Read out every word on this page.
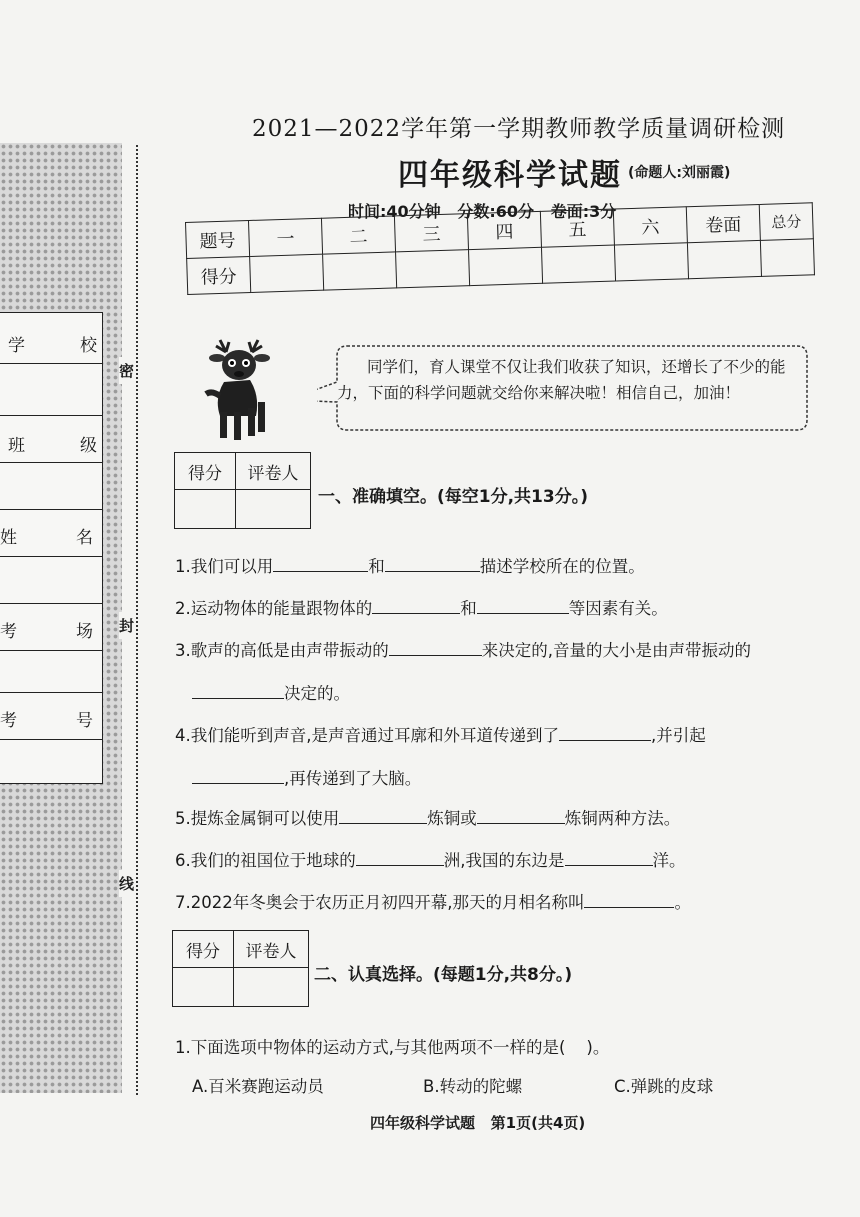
学	校
班	级
姓	名
考	场
考	号
密
封
线
2021—2022学年第一学期教师教学质量调研检测
四年级科学试题 (命题人:刘丽霞)
时间:40分钟   分数:60分   卷面:3分
题号	一	二	三	四	五	六	卷面	总分
得分								
同学们，育人课堂不仅让我们收获了知识，还增长了不少的能力，下面的科学问题就交给你来解决啦！相信自己，加油！
得分	评卷人

一、准确填空。(每空1分,共13分。)
1.我们可以用	和	描述学校所在的位置。
2.运动物体的能量跟物体的	和	等因素有关。
3.歌声的高低是由声带振动的	来决定的,音量的大小是由声带振动的
决定的。
4.我们能听到声音,是声音通过耳廓和外耳道传递到了	,并引起
,再传递到了大脑。
5.提炼金属铜可以使用	炼铜或	炼铜两种方法。
6.我们的祖国位于地球的	洲,我国的东边是	洋。
7.2022年冬奥会于农历正月初四开幕,那天的月相名称叫	。
得分	评卷人

二、认真选择。(每题1分,共8分。)
1.下面选项中物体的运动方式,与其他两项不一样的是(    )。
A.百米赛跑运动员	B.转动的陀螺	C.弹跳的皮球
四年级科学试题   第1页(共4页)
